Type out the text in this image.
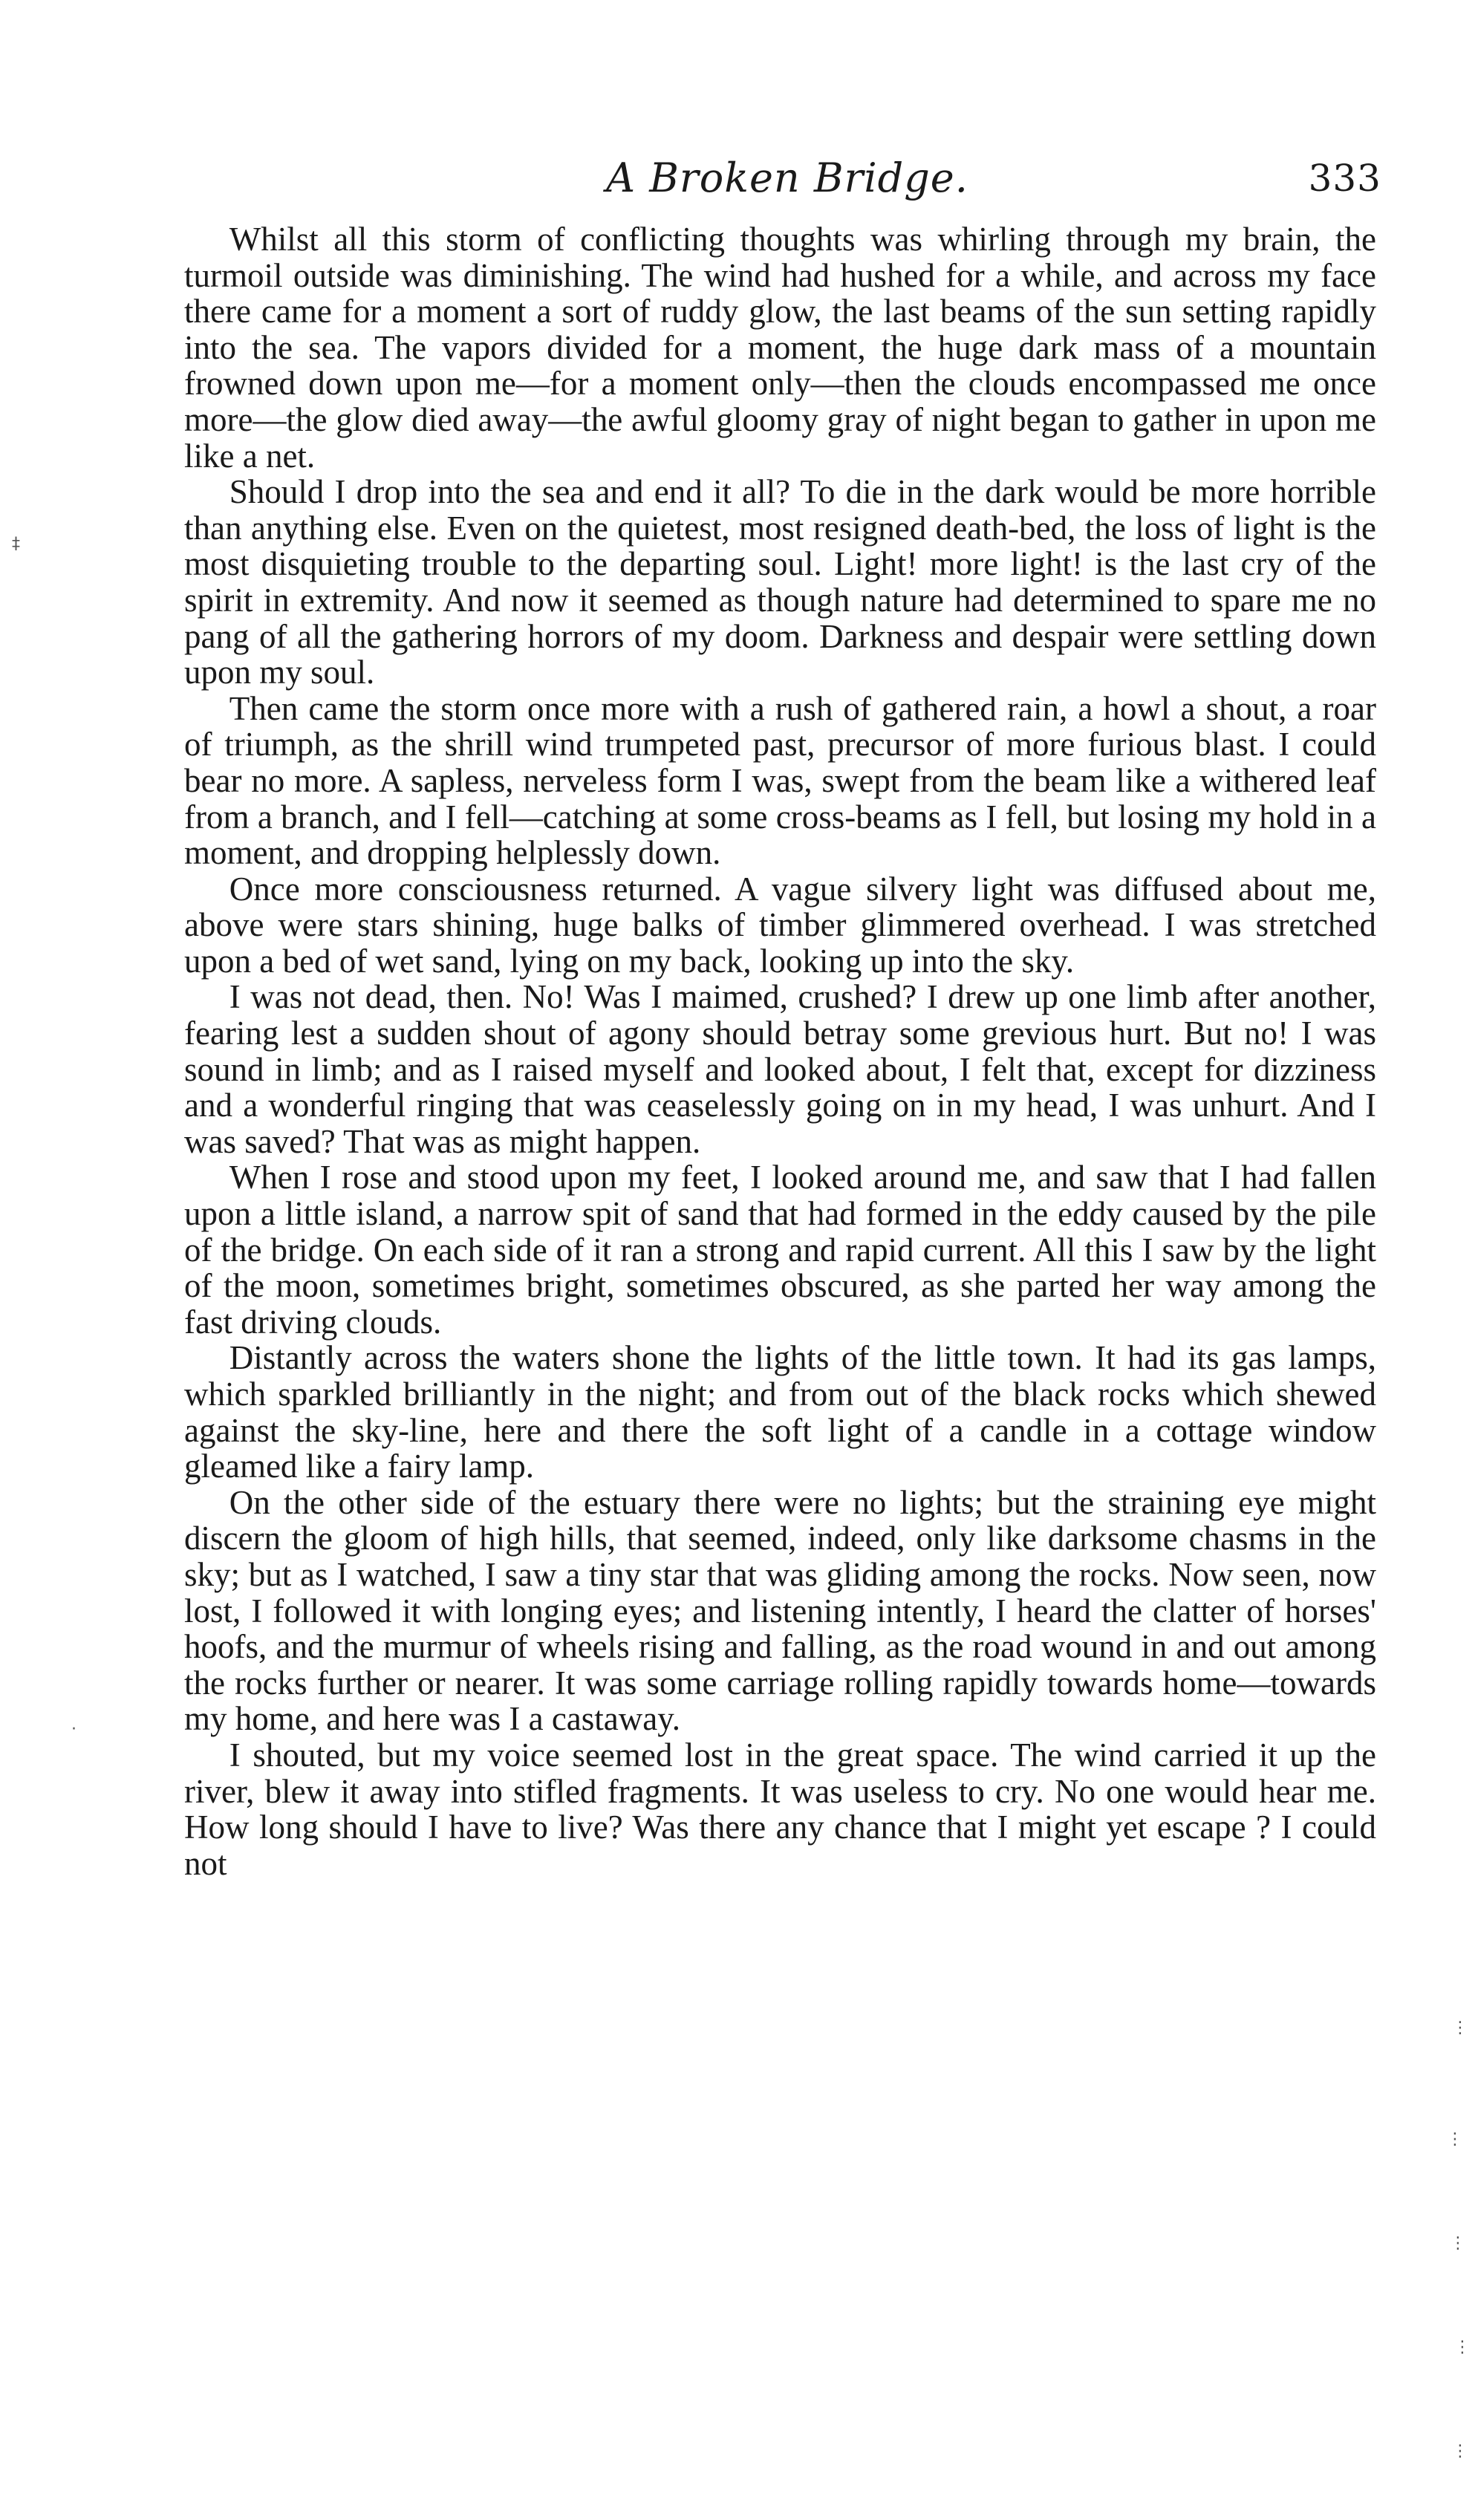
A Broken Bridge.	333

Whilst all this storm of conflicting thoughts was whirling through my brain, the turmoil outside was diminishing. The wind had hushed for a while, and across my face there came for a moment a sort of ruddy glow, the last beams of the sun setting rapidly into the sea. The vapors divided for a moment, the huge dark mass of a mountain frowned down upon me—for a moment only—then the clouds encompassed me once more—the glow died away—the awful gloomy gray of night began to gather in upon me like a net.

Should I drop into the sea and end it all? To die in the dark would be more horrible than anything else. Even on the quietest, most resigned death-bed, the loss of light is the most disquieting trouble to the departing soul. Light! more light! is the last cry of the spirit in extremity. And now it seemed as though nature had determined to spare me no pang of all the gathering horrors of my doom. Darkness and despair were settling down upon my soul.

Then came the storm once more with a rush of gathered rain, a howl a shout, a roar of triumph, as the shrill wind trumpeted past, precursor of more furious blast. I could bear no more. A sapless, nerveless form I was, swept from the beam like a withered leaf from a branch, and I fell—catching at some cross-beams as I fell, but losing my hold in a moment, and dropping helplessly down.

Once more consciousness returned. A vague silvery light was diffused about me, above were stars shining, huge balks of timber glimmered overhead. I was stretched upon a bed of wet sand, lying on my back, looking up into the sky.

I was not dead, then. No! Was I maimed, crushed? I drew up one limb after another, fearing lest a sudden shout of agony should betray some grevious hurt. But no! I was sound in limb; and as I raised myself and looked about, I felt that, except for dizziness and a wonderful ringing that was ceaselessly going on in my head, I was unhurt. And I was saved? That was as might happen.

When I rose and stood upon my feet, I looked around me, and saw that I had fallen upon a little island, a narrow spit of sand that had formed in the eddy caused by the pile of the bridge. On each side of it ran a strong and rapid current. All this I saw by the light of the moon, sometimes bright, sometimes obscured, as she parted her way among the fast driving clouds.

Distantly across the waters shone the lights of the little town. It had its gas lamps, which sparkled brilliantly in the night; and from out of the black rocks which shewed against the sky-line, here and there the soft light of a candle in a cottage window gleamed like a fairy lamp.

On the other side of the estuary there were no lights; but the straining eye might discern the gloom of high hills, that seemed, indeed, only like darksome chasms in the sky; but as I watched, I saw a tiny star that was gliding among the rocks. Now seen, now lost, I followed it with longing eyes; and listening intently, I heard the clatter of horses' hoofs, and the murmur of wheels rising and falling, as the road wound in and out among the rocks further or nearer. It was some carriage rolling rapidly towards home—towards my home, and here was I a castaway.

I shouted, but my voice seemed lost in the great space. The wind carried it up the river, blew it away into stifled fragments. It was useless to cry. No one would hear me. How long should I have to live? Was there any chance that I might yet escape ? I could not

‡
·
⋮
⋮
⋮
⋮
⋮
